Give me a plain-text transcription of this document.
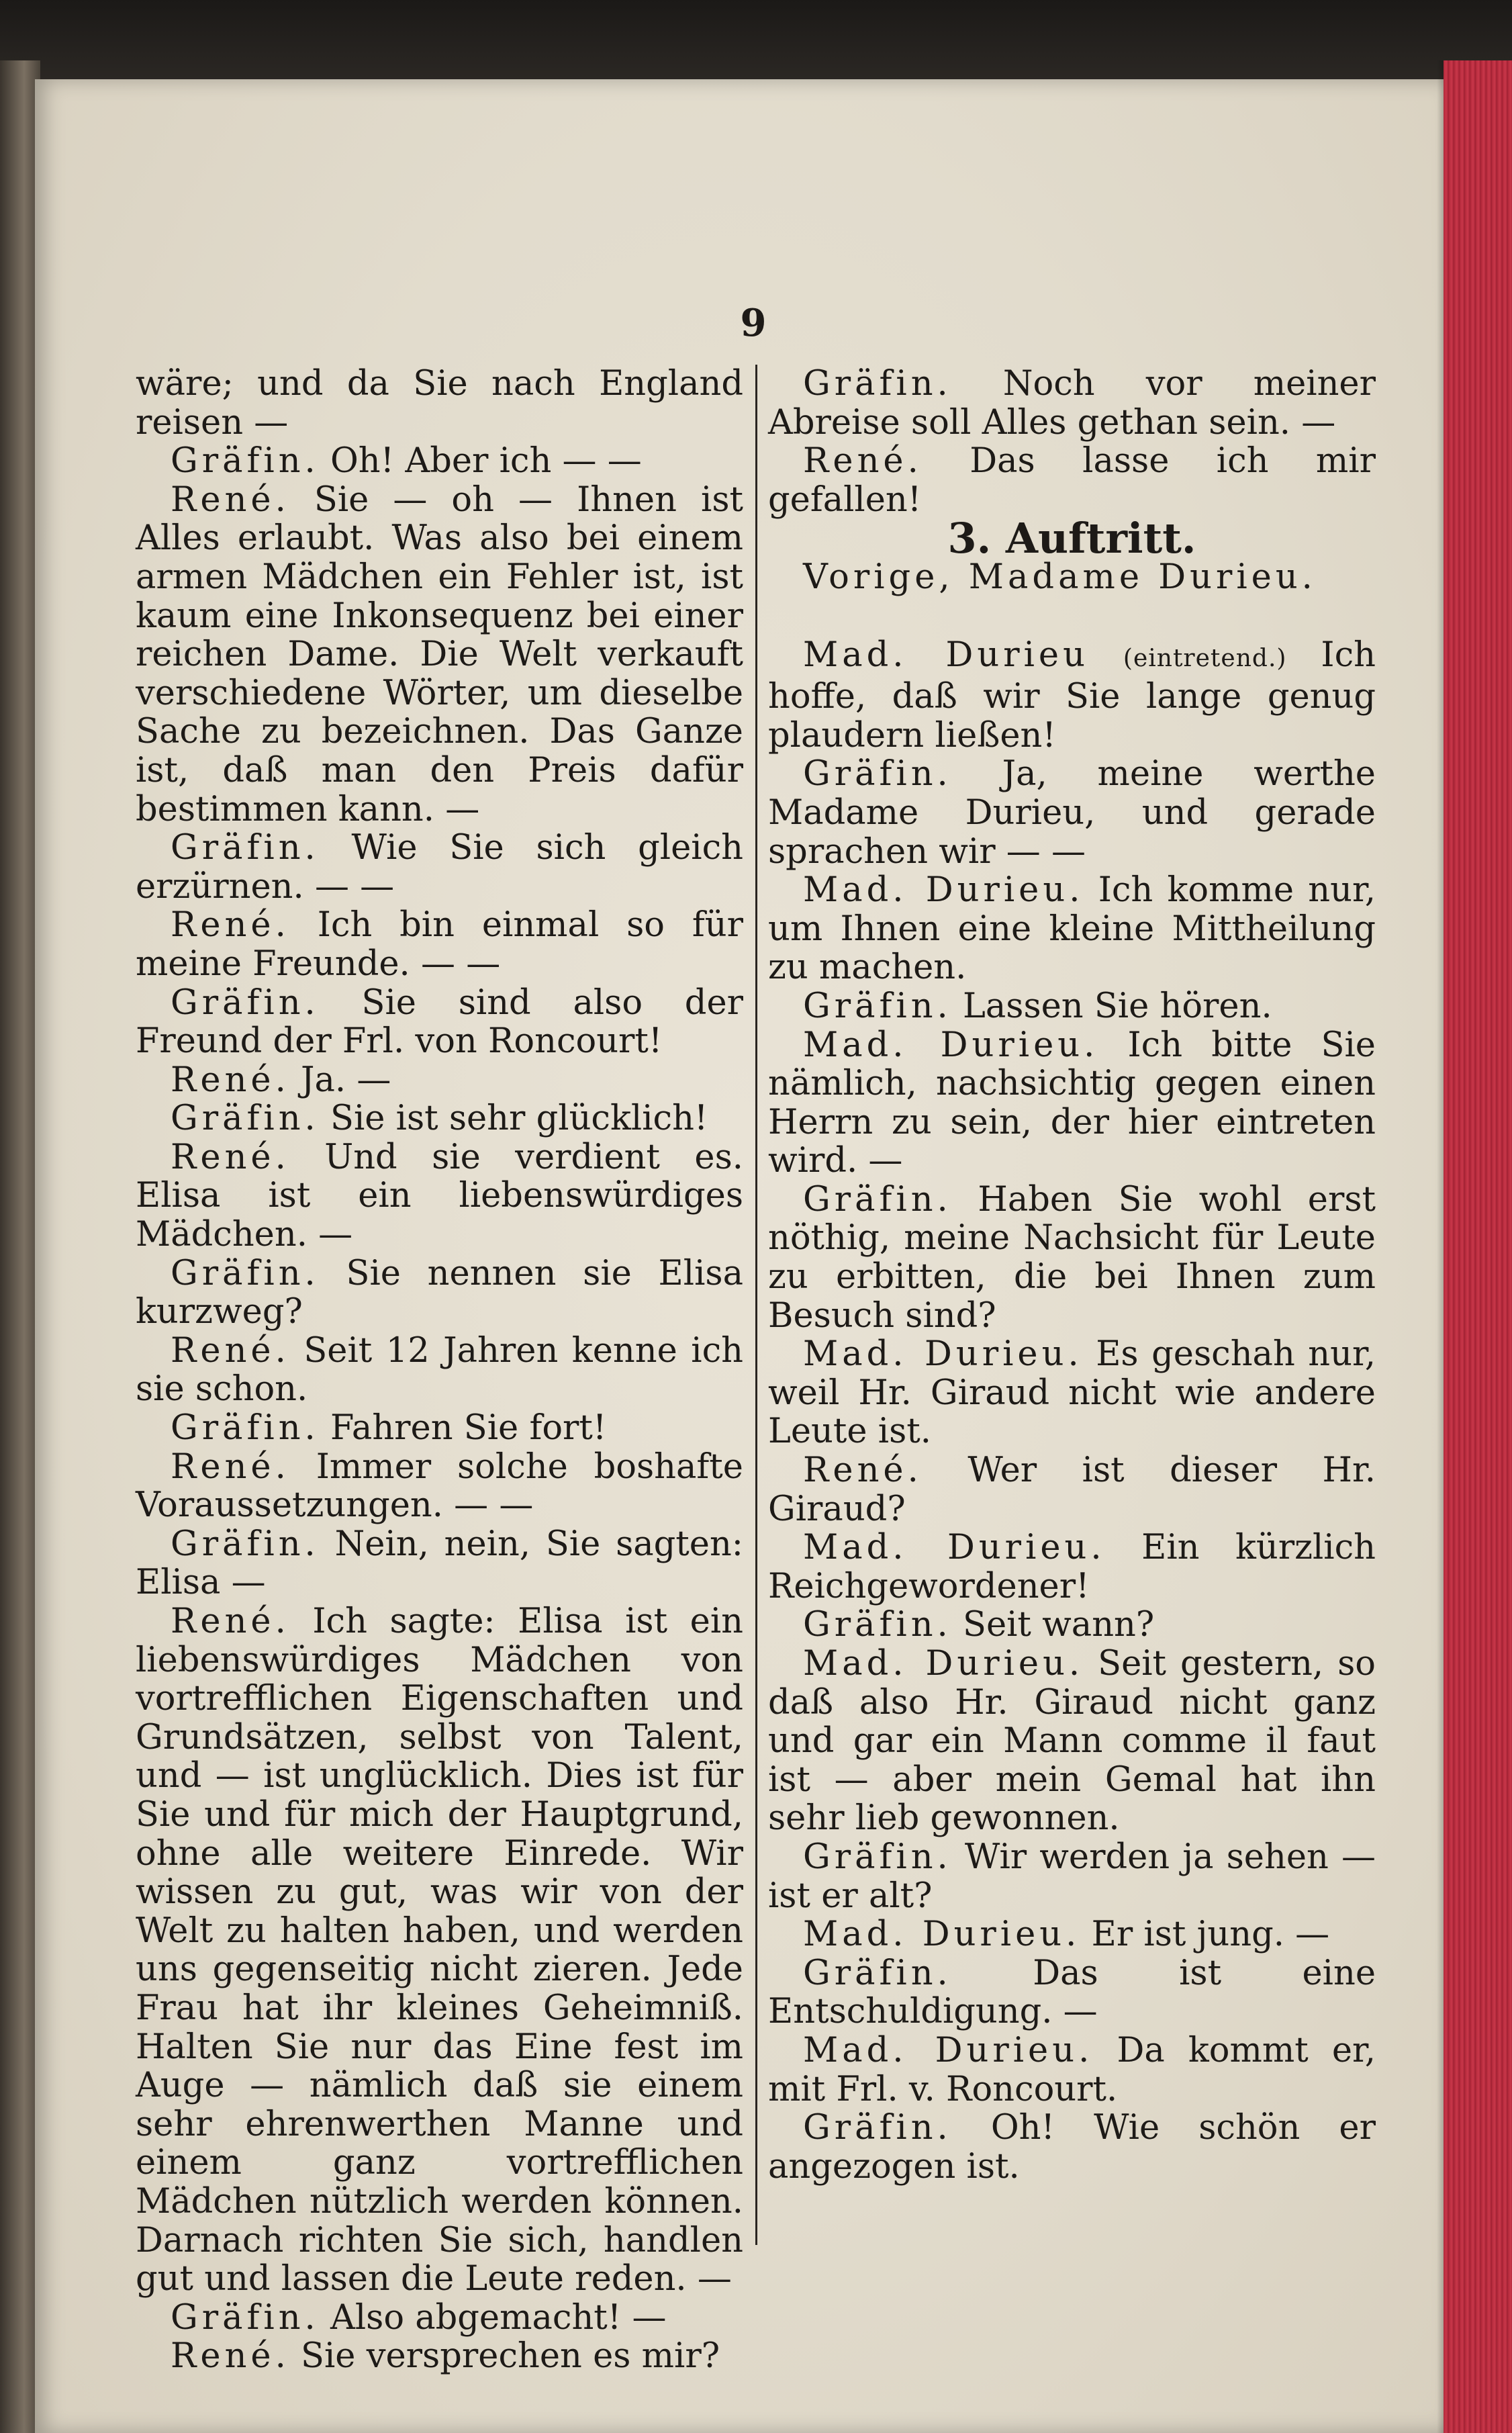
9

wäre; und da Sie nach England reisen —

Gräfin. Oh! Aber ich — —

René. Sie — oh — Ihnen ist Alles erlaubt. Was also bei einem armen Mädchen ein Fehler ist, ist kaum eine Inkonsequenz bei einer reichen Dame. Die Welt verkauft verschiedene Wörter, um dieselbe Sache zu bezeichnen. Das Ganze ist, daß man den Preis dafür bestimmen kann. —

Gräfin. Wie Sie sich gleich erzürnen. — —

René. Ich bin einmal so für meine Freunde. — —

Gräfin. Sie sind also der Freund der Frl. von Roncourt!

René. Ja. —

Gräfin. Sie ist sehr glücklich!

René. Und sie verdient es. Elisa ist ein liebenswürdiges Mädchen. —

Gräfin. Sie nennen sie Elisa kurzweg?

René. Seit 12 Jahren kenne ich sie schon.

Gräfin. Fahren Sie fort!

René. Immer solche boshafte Voraussetzungen. — —

Gräfin. Nein, nein, Sie sagten: Elisa —

René. Ich sagte: Elisa ist ein liebenswürdiges Mädchen von vortrefflichen Eigenschaften und Grundsätzen, selbst von Talent, und — ist unglücklich. Dies ist für Sie und für mich der Hauptgrund, ohne alle weitere Einrede. Wir wissen zu gut, was wir von der Welt zu halten haben, und werden uns gegenseitig nicht zieren. Jede Frau hat ihr kleines Geheimniß. Halten Sie nur das Eine fest im Auge — nämlich daß sie einem sehr ehrenwerthen Manne und einem ganz vortrefflichen Mädchen nützlich werden können. Darnach richten Sie sich, handlen gut und lassen die Leute reden. —

Gräfin. Also abgemacht! —

René. Sie versprechen es mir?

Gräfin. Noch vor meiner Abreise soll Alles gethan sein. —

René. Das lasse ich mir gefallen!

3. Auftritt.

Vorige, Madame Durieu.

Mad. Durieu (eintretend.) Ich hoffe, daß wir Sie lange genug plaudern ließen!

Gräfin. Ja, meine werthe Madame Durieu, und gerade sprachen wir — —

Mad. Durieu. Ich komme nur, um Ihnen eine kleine Mittheilung zu machen.

Gräfin. Lassen Sie hören.

Mad. Durieu. Ich bitte Sie nämlich, nachsichtig gegen einen Herrn zu sein, der hier eintreten wird. —

Gräfin. Haben Sie wohl erst nöthig, meine Nachsicht für Leute zu erbitten, die bei Ihnen zum Besuch sind?

Mad. Durieu. Es geschah nur, weil Hr. Giraud nicht wie andere Leute ist.

René. Wer ist dieser Hr. Giraud?

Mad. Durieu. Ein kürzlich Reichgewordener!

Gräfin. Seit wann?

Mad. Durieu. Seit gestern, so daß also Hr. Giraud nicht ganz und gar ein Mann comme il faut ist — aber mein Gemal hat ihn sehr lieb gewonnen.

Gräfin. Wir werden ja sehen — ist er alt?

Mad. Durieu. Er ist jung. —

Gräfin. Das ist eine Entschuldigung. —

Mad. Durieu. Da kommt er, mit Frl. v. Roncourt.

Gräfin. Oh! Wie schön er angezogen ist.
